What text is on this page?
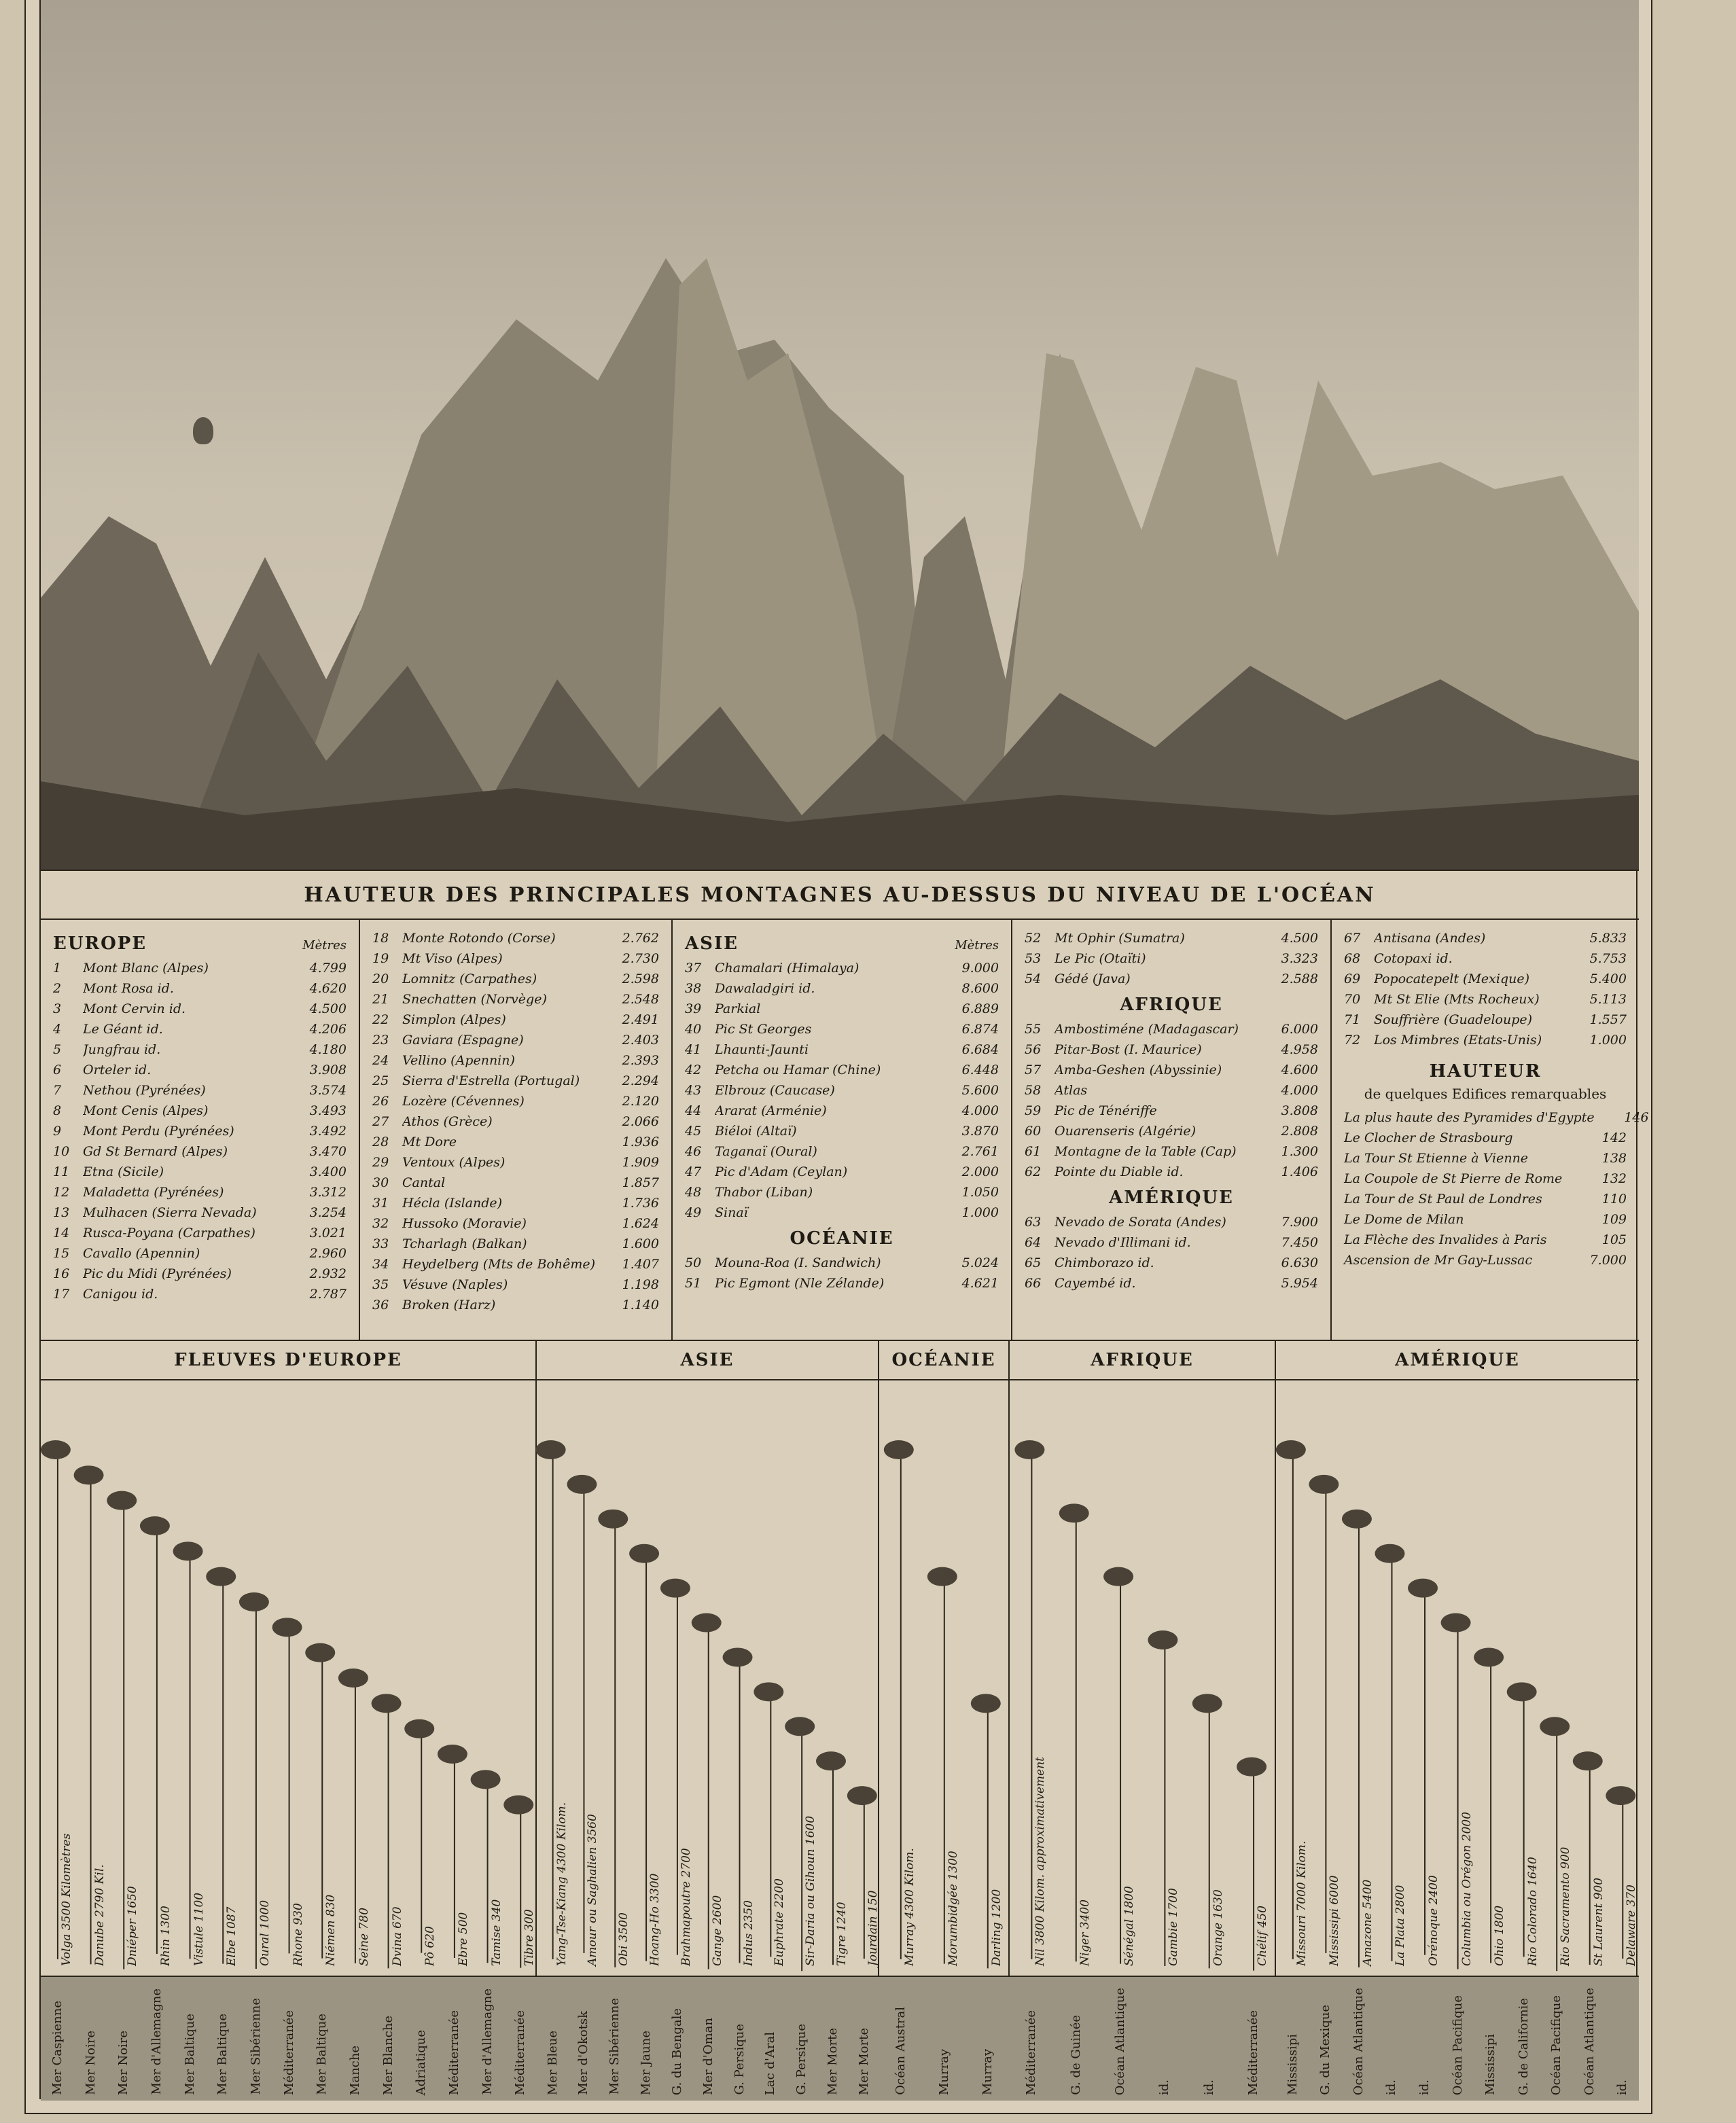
HAUTEUR DES PRINCIPALES MONTAGNES AU-DESSUS DU NIVEAU DE L'OCÉAN
EUROPE	Mètres
1	Mont Blanc (Alpes)	4.799
2	Mont Rosa id.	4.620
3	Mont Cervin id.	4.500
4	Le Géant id.	4.206
5	Jungfrau id.	4.180
6	Orteler id.	3.908
7	Nethou (Pyrénées)	3.574
8	Mont Cenis (Alpes)	3.493
9	Mont Perdu (Pyrénées)	3.492
10	Gd St Bernard (Alpes)	3.470
11	Etna (Sicile)	3.400
12	Maladetta (Pyrénées)	3.312
13	Mulhacen (Sierra Nevada)	3.254
14	Rusca-Poyana (Carpathes)	3.021
15	Cavallo (Apennin)	2.960
16	Pic du Midi (Pyrénées)	2.932
17	Canigou id.	2.787
18	Monte Rotondo (Corse)	2.762
19	Mt Viso (Alpes)	2.730
20	Lomnitz (Carpathes)	2.598
21	Snechatten (Norvège)	2.548
22	Simplon (Alpes)	2.491
23	Gaviara (Espagne)	2.403
24	Vellino (Apennin)	2.393
25	Sierra d'Estrella (Portugal)	2.294
26	Lozère (Cévennes)	2.120
27	Athos (Grèce)	2.066
28	Mt Dore	1.936
29	Ventoux (Alpes)	1.909
30	Cantal	1.857
31	Hécla (Islande)	1.736
32	Hussoko (Moravie)	1.624
33	Tcharlagh (Balkan)	1.600
34	Heydelberg (Mts de Bohême)	1.407
35	Vésuve (Naples)	1.198
36	Broken (Harz)	1.140
ASIE	Mètres
37	Chamalari (Himalaya)	9.000
38	Dawaladgiri id.	8.600
39	Parkial	6.889
40	Pic St Georges	6.874
41	Lhaunti-Jaunti	6.684
42	Petcha ou Hamar (Chine)	6.448
43	Elbrouz (Caucase)	5.600
44	Ararat (Arménie)	4.000
45	Biéloi (Altaï)	3.870
46	Taganaï (Oural)	2.761
47	Pic d'Adam (Ceylan)	2.000
48	Thabor (Liban)	1.050
49	Sinaï	1.000
OCÉANIE
50	Mouna-Roa (I. Sandwich)	5.024
51	Pic Egmont (Nle Zélande)	4.621
52	Mt Ophir (Sumatra)	4.500
53	Le Pic (Otaïti)	3.323
54	Gédé (Java)	2.588
AFRIQUE
55	Ambostiméne (Madagascar)	6.000
56	Pitar-Bost (I. Maurice)	4.958
57	Amba-Geshen (Abyssinie)	4.600
58	Atlas	4.000
59	Pic de Ténériffe	3.808
60	Ouarenseris (Algérie)	2.808
61	Montagne de la Table (Cap)	1.300
62	Pointe du Diable id.	1.406
AMÉRIQUE
63	Nevado de Sorata (Andes)	7.900
64	Nevado d'Illimani id.	7.450
65	Chimborazo id.	6.630
66	Cayembé id.	5.954
67	Antisana (Andes)	5.833
68	Cotopaxi id.	5.753
69	Popocatepelt (Mexique)	5.400
70	Mt St Elie (Mts Rocheux)	5.113
71	Souffrière (Guadeloupe)	1.557
72	Los Mimbres (Etats-Unis)	1.000
HAUTEUR
de quelques Edifices remarquables
La plus haute des Pyramides d'Egypte	146
Le Clocher de Strasbourg	142
La Tour St Etienne à Vienne	138
La Coupole de St Pierre de Rome	132
La Tour de St Paul de Londres	110
Le Dome de Milan	109
La Flèche des Invalides à Paris	105
Ascension de Mr Gay-Lussac	7.000
FLEUVES D'EUROPE	ASIE	OCÉANIE	AFRIQUE	AMÉRIQUE
Mer Caspienne Mer Noire Mer Noire Mer d'Allemagne Mer Baltique Mer Baltique Mer Sibérienne Méditerranée Mer Baltique Manche Mer Blanche Adriatique Méditerranée Mer d'Allemagne Méditerranée Mer Bleue Mer d'Okotsk Mer Sibérienne Mer Jaune G. du Bengale Mer d'Oman G. Persique Lac d'Aral G. Persique Mer Morte Mer Morte Océan Austral Murray Murray Méditerranée G. de Guinée Océan Atlantique id. id. Méditerranée Mississipi G. du Mexique Océan Atlantique id. id. Océan Pacifique Mississipi G. de Californie Océan Pacifique Océan Atlantique id.
Volga 3500 Kilomètres Danube 2790 Kil. Dniéper 1650 Rhin 1300 Vistule 1100 Elbe 1087 Oural 1000 Rhone 930 Niémen 830 Seine 780 Dvina 670 Pô 620 Ebre 500 Tamise 340 Tibre 300 Yang-Tse-Kiang 4300 Kilom. Amour ou Saghalien 3560 Obi 3500 Hoang-Ho 3300 Brahmapoutre 2700 Gange 2600 Indus 2350 Euphrate 2200 Sir-Daria ou Gihoun 1600 Tigre 1240 Jourdain 150 Murray 4300 Kilom.	Morumbidgée 1300	Darling 1200	Nil 3800 Kilom. approximativement	Niger 3400	Sénégal 1800	Gambie 1700	Orange 1630	Chélif 450 Missouri 7000 Kilom. Mississipi 6000 Amazone 5400 La Plata 2800 Orénoque 2400 Columbia ou Orégon 2000 Ohio 1800 Rio Colorado 1640 Rio Sacramento 900 St Laurent 900 Delaware 370
